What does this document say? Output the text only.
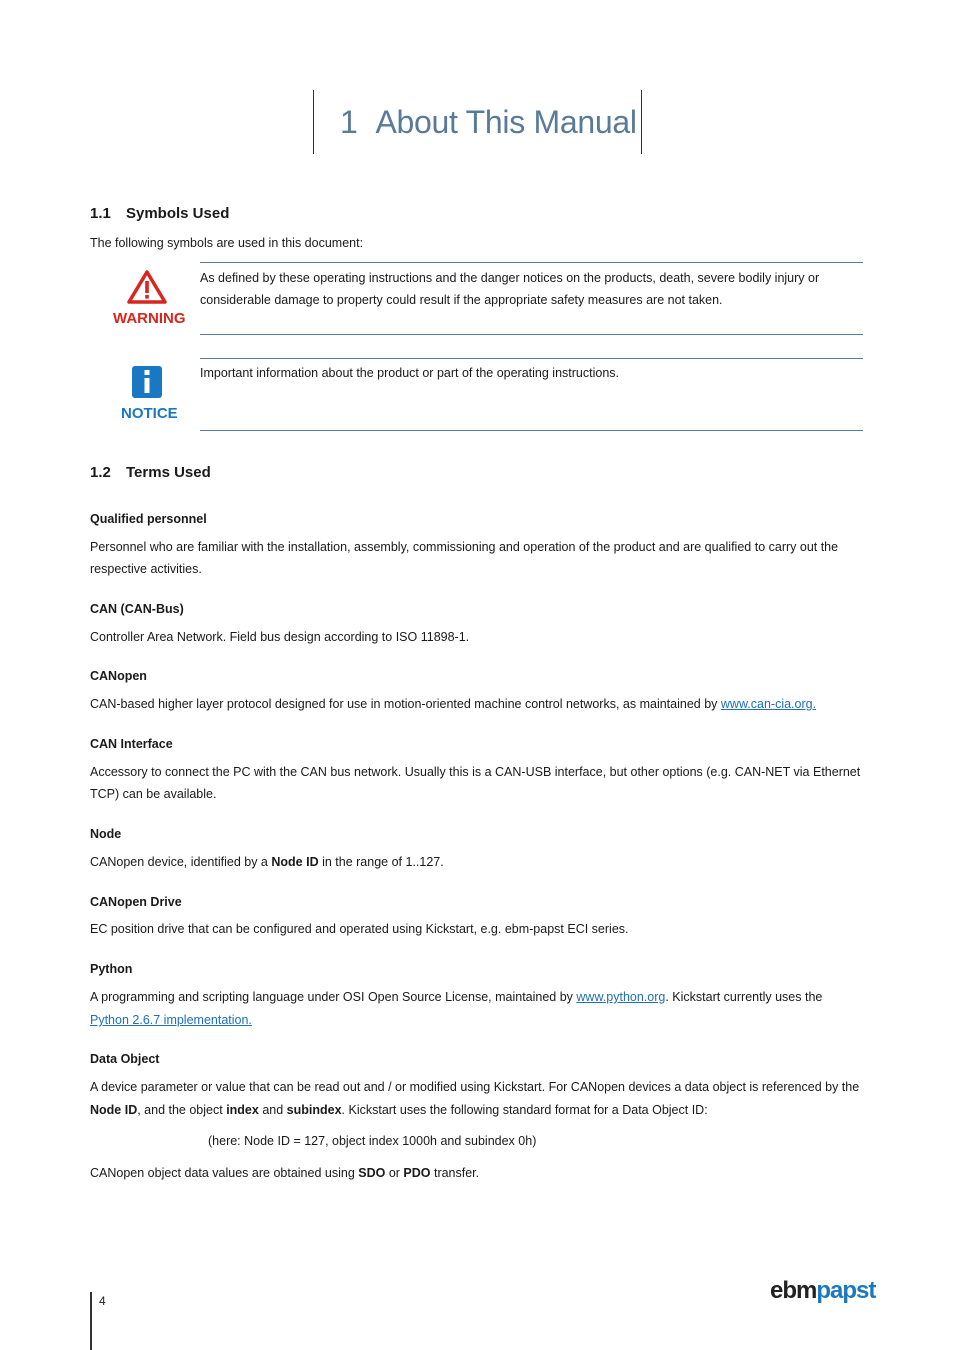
1 About This Manual
1.1 Symbols Used
The following symbols are used in this document:
WARNING
As defined by these operating instructions and the danger notices on the products, death, severe bodily injury or
considerable damage to property could result if the appropriate safety measures are not taken.
NOTICE
Important information about the product or part of the operating instructions.
1.2 Terms Used
Qualified personnel
Personnel who are familiar with the installation, assembly, commissioning and operation of the product and are qualified to carry out the
respective activities.
CAN (CAN-Bus)
Controller Area Network. Field bus design according to ISO 11898-1.
CANopen
CAN-based higher layer protocol designed for use in motion-oriented machine control networks, as maintained by www.can-cia.org.
CAN Interface
Accessory to connect the PC with the CAN bus network. Usually this is a CAN-USB interface, but other options (e.g. CAN-NET via Ethernet
TCP) can be available.
Node
CANopen device, identified by a Node ID in the range of 1..127.
CANopen Drive
EC position drive that can be configured and operated using Kickstart, e.g. ebm-papst ECI series.
Python
A programming and scripting language under OSI Open Source License, maintained by www.python.org. Kickstart currently uses the
Python 2.6.7 implementation.
Data Object
A device parameter or value that can be read out and / or modified using Kickstart. For CANopen devices a data object is referenced by the
Node ID, and the object index and subindex. Kickstart uses the following standard format for a Data Object ID:
(here: Node ID = 127, object index 1000h and subindex 0h)
CANopen object data values are obtained using SDO or PDO transfer.
4	ebmpapst
